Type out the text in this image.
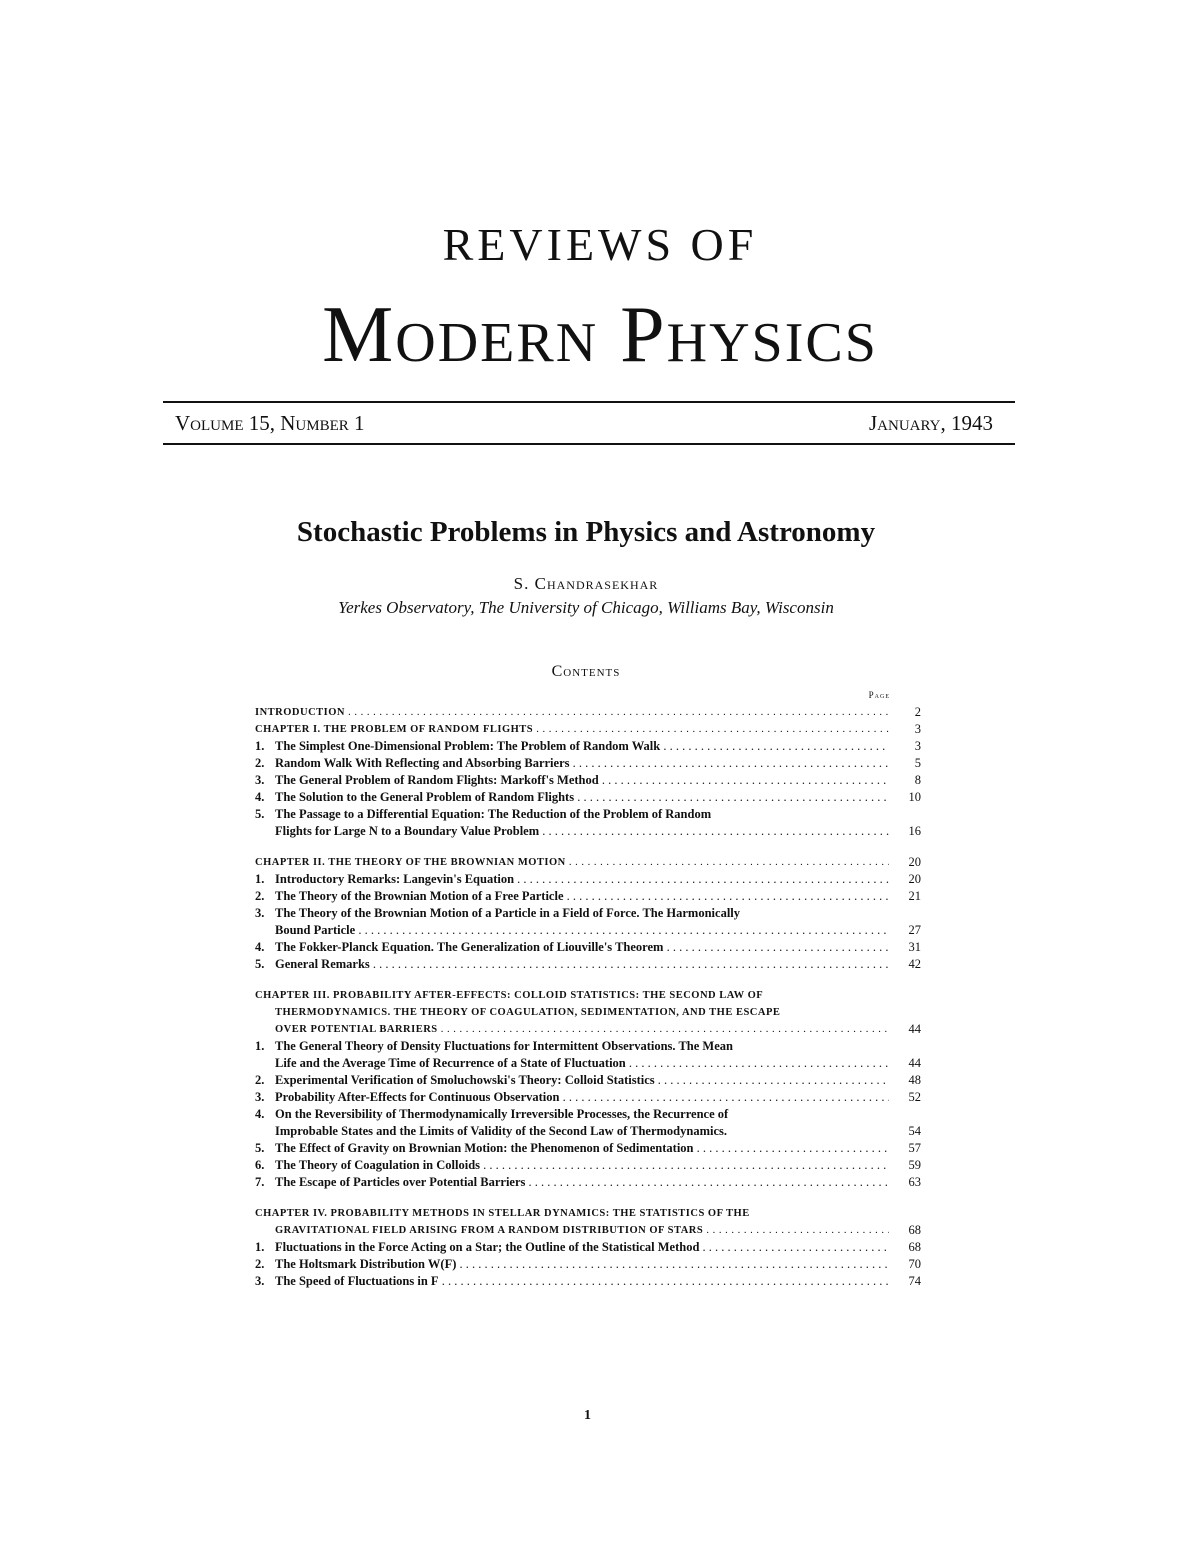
REVIEWS OF
Modern Physics
Volume 15, Number 1	January, 1943
Stochastic Problems in Physics and Astronomy
S. Chandrasekhar
Yerkes Observatory, The University of Chicago, Williams Bay, Wisconsin
Contents
Page
INTRODUCTION . . .	2
CHAPTER I. THE PROBLEM OF RANDOM FLIGHTS . . .	3
1. The Simplest One-Dimensional Problem: The Problem of Random Walk . . .	3
2. Random Walk With Reflecting and Absorbing Barriers . . .	5
3. The General Problem of Random Flights: Markoff's Method . . .	8
4. The Solution to the General Problem of Random Flights . . .	10
5. The Passage to a Differential Equation: The Reduction of the Problem of Random
Flights for Large N to a Boundary Value Problem . . .	16
CHAPTER II. THE THEORY OF THE BROWNIAN MOTION . . .	20
1. Introductory Remarks: Langevin's Equation . . .	20
2. The Theory of the Brownian Motion of a Free Particle . . .	21
3. The Theory of the Brownian Motion of a Particle in a Field of Force. The Harmonically
Bound Particle . . .	27
4. The Fokker-Planck Equation. The Generalization of Liouville's Theorem . . .	31
5. General Remarks . . .	42
CHAPTER III. PROBABILITY AFTER-EFFECTS: COLLOID STATISTICS: THE SECOND LAW OF
THERMODYNAMICS. THE THEORY OF COAGULATION, SEDIMENTATION, AND THE ESCAPE
OVER POTENTIAL BARRIERS . . .	44
1. The General Theory of Density Fluctuations for Intermittent Observations. The Mean
Life and the Average Time of Recurrence of a State of Fluctuation . . .	44
2. Experimental Verification of Smoluchowski's Theory: Colloid Statistics . . .	48
3. Probability After-Effects for Continuous Observation . . .	52
4. On the Reversibility of Thermodynamically Irreversible Processes, the Recurrence of
Improbable States and the Limits of Validity of the Second Law of Thermodynamics.	54
5. The Effect of Gravity on Brownian Motion: the Phenomenon of Sedimentation . . .	57
6. The Theory of Coagulation in Colloids . . .	59
7. The Escape of Particles over Potential Barriers . . .	63
CHAPTER IV. PROBABILITY METHODS IN STELLAR DYNAMICS: THE STATISTICS OF THE
GRAVITATIONAL FIELD ARISING FROM A RANDOM DISTRIBUTION OF STARS . . .	68
1. Fluctuations in the Force Acting on a Star; the Outline of the Statistical Method . . .	68
2. The Holtsmark Distribution W(F) . . .	70
3. The Speed of Fluctuations in F . . .	74
1
